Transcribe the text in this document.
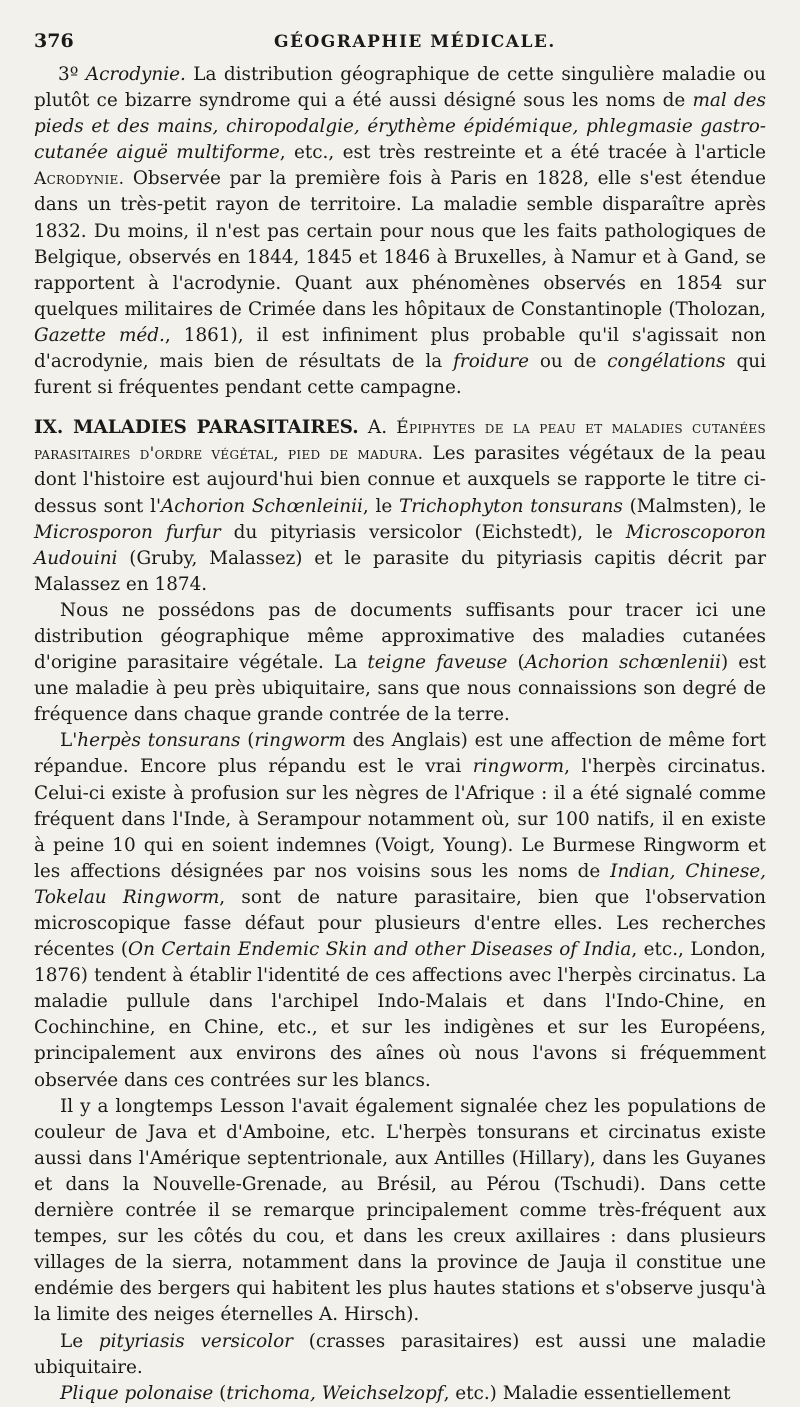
376	GÉOGRAPHIE MÉDICALE.

3º Acrodynie. La distribution géographique de cette singulière maladie ou plutôt ce bizarre syndrome qui a été aussi désigné sous les noms de mal des pieds et des mains, chiropodalgie, érythème épidémique, phlegmasie gastro-cutanée aiguë multiforme, etc., est très restreinte et a été tracée à l'article Acrodynie. Observée par la première fois à Paris en 1828, elle s'est étendue dans un très-petit rayon de territoire. La maladie semble disparaître après 1832. Du moins, il n'est pas certain pour nous que les faits pathologiques de Belgique, observés en 1844, 1845 et 1846 à Bruxelles, à Namur et à Gand, se rapportent à l'acrodynie. Quant aux phénomènes observés en 1854 sur quelques militaires de Crimée dans les hôpitaux de Constantinople (Tholozan, Gazette méd., 1861), il est infiniment plus probable qu'il s'agissait non d'acrodynie, mais bien de résultats de la froidure ou de congélations qui furent si fréquentes pendant cette campagne.

IX. MALADIES PARASITAIRES. A. Épiphytes de la peau et maladies cutanées parasitaires d'ordre végétal, pied de madura. Les parasites végétaux de la peau dont l'histoire est aujourd'hui bien connue et auxquels se rapporte le titre ci-dessus sont l'Achorion Schœnleinii, le Trichophyton tonsurans (Malmsten), le Microsporon furfur du pityriasis versicolor (Eichstedt), le Microscoporon Audouini (Gruby, Malassez) et le parasite du pityriasis capitis décrit par Malassez en 1874.

Nous ne possédons pas de documents suffisants pour tracer ici une distribution géographique même approximative des maladies cutanées d'origine parasitaire végétale. La teigne faveuse (Achorion schœnlenii) est une maladie à peu près ubiquitaire, sans que nous connaissions son degré de fréquence dans chaque grande contrée de la terre.

L'herpès tonsurans (ringworm des Anglais) est une affection de même fort répandue. Encore plus répandu est le vrai ringworm, l'herpès circinatus. Celui-ci existe à profusion sur les nègres de l'Afrique : il a été signalé comme fréquent dans l'Inde, à Serampour notamment où, sur 100 natifs, il en existe à peine 10 qui en soient indemnes (Voigt, Young). Le Burmese Ringworm et les affections désignées par nos voisins sous les noms de Indian, Chinese, Tokelau Ringworm, sont de nature parasitaire, bien que l'observation microscopique fasse défaut pour plusieurs d'entre elles. Les recherches récentes (On Certain Endemic Skin and other Diseases of India, etc., London, 1876) tendent à établir l'identité de ces affections avec l'herpès circinatus. La maladie pullule dans l'archipel Indo-Malais et dans l'Indo-Chine, en Cochinchine, en Chine, etc., et sur les indigènes et sur les Européens, principalement aux environs des aînes où nous l'avons si fréquemment observée dans ces contrées sur les blancs.

Il y a longtemps Lesson l'avait également signalée chez les populations de couleur de Java et d'Amboine, etc. L'herpès tonsurans et circinatus existe aussi dans l'Amérique septentrionale, aux Antilles (Hillary), dans les Guyanes et dans la Nouvelle-Grenade, au Brésil, au Pérou (Tschudi). Dans cette dernière contrée il se remarque principalement comme très-fréquent aux tempes, sur les côtés du cou, et dans les creux axillaires : dans plusieurs villages de la sierra, notamment dans la province de Jauja il constitue une endémie des bergers qui habitent les plus hautes stations et s'observe jusqu'à la limite des neiges éternelles A. Hirsch).

Le pityriasis versicolor (crasses parasitaires) est aussi une maladie ubiquitaire.

Plique polonaise (trichoma, Weichselzopf, etc.) Maladie essentiellement
